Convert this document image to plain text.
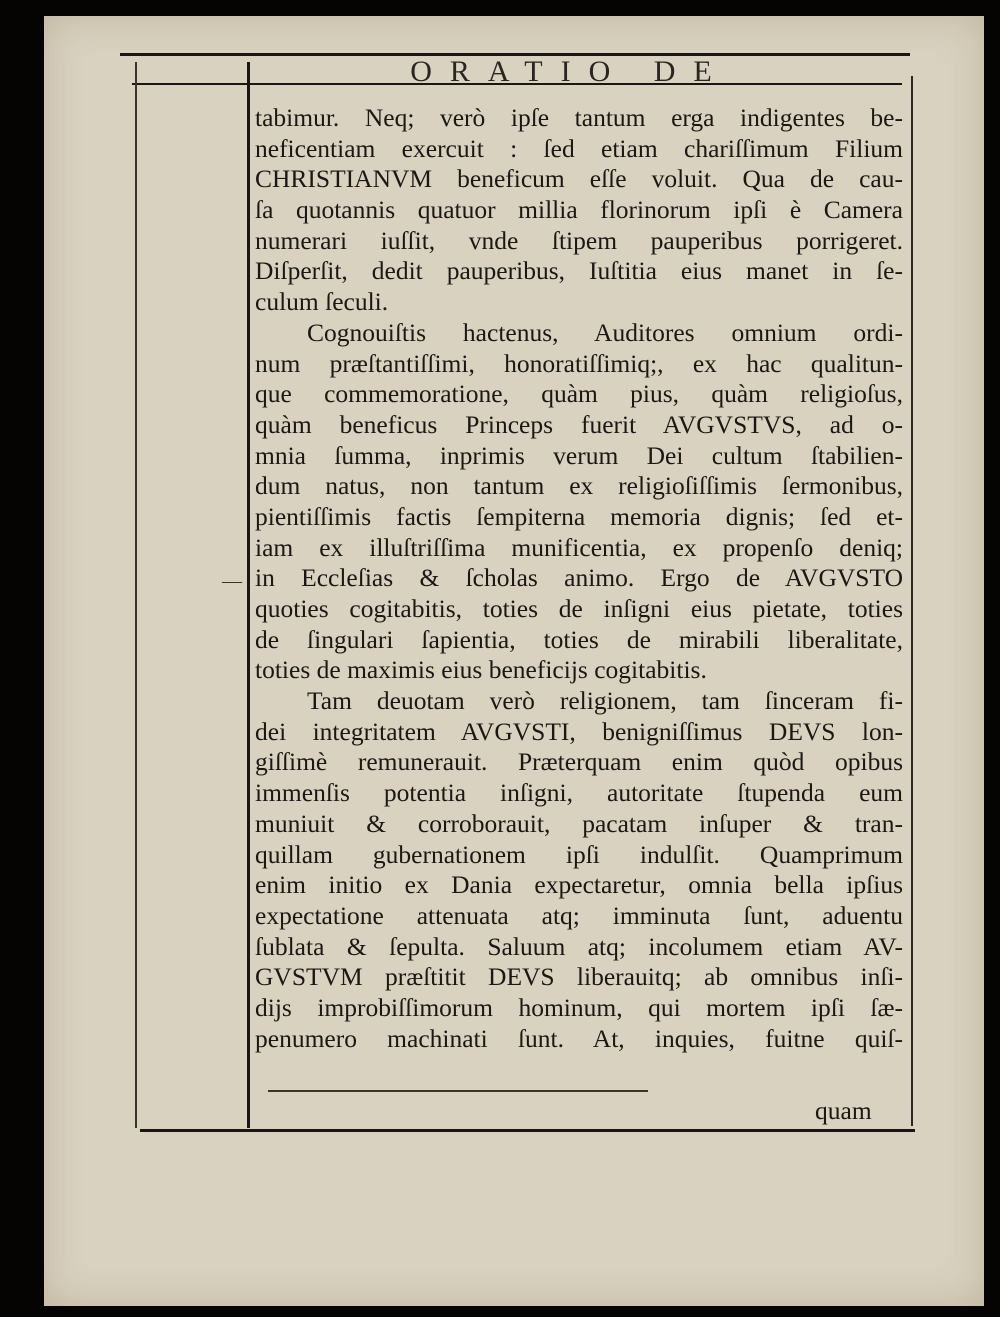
ORATIO DE
tabimur. Neq; verò ipſe tantum erga indigentes be-
neficentiam exercuit : ſed etiam chariſſimum Filium
CHRISTIANVM beneficum eſſe voluit. Qua de cau-
ſa quotannis quatuor millia florinorum ipſi è Camera
numerari iuſſit, vnde ſtipem pauperibus porrigeret.
Diſperſit, dedit pauperibus, Iuſtitia eius manet in ſe-
culum ſeculi.
Cognouiſtis hactenus, Auditores omnium ordi-
num præſtantiſſimi, honoratiſſimiq;, ex hac qualitun-
que commemoratione, quàm pius, quàm religioſus,
quàm beneficus Princeps fuerit AVGVSTVS, ad o-
mnia ſumma, inprimis verum Dei cultum ſtabilien-
dum natus, non tantum ex religioſiſſimis ſermonibus,
pientiſſimis factis ſempiterna memoria dignis; ſed et-
iam ex illuſtriſſima munificentia, ex propenſo deniq;
in Eccleſias & ſcholas animo. Ergo de AVGVSTO
quoties cogitabitis, toties de inſigni eius pietate, toties
de ſingulari ſapientia, toties de mirabili liberalitate,
toties de maximis eius beneficijs cogitabitis.
Tam deuotam verò religionem, tam ſinceram fi-
dei integritatem AVGVSTI, benigniſſimus DEVS lon-
giſſimè remunerauit. Præterquam enim quòd opibus
immenſis potentia inſigni, autoritate ſtupenda eum
muniuit & corroborauit, pacatam inſuper & tran-
quillam gubernationem ipſi indulſit. Quamprimum
enim initio ex Dania expectaretur, omnia bella ipſius
expectatione attenuata atq; imminuta ſunt, aduentu
ſublata & ſepulta. Saluum atq; incolumem etiam AV-
GVSTVM præſtitit DEVS liberauitq; ab omnibus inſi-
dijs improbiſſimorum hominum, qui mortem ipſi ſæ-
penumero machinati ſunt. At, inquies, fuitne quiſ-
quam
—
